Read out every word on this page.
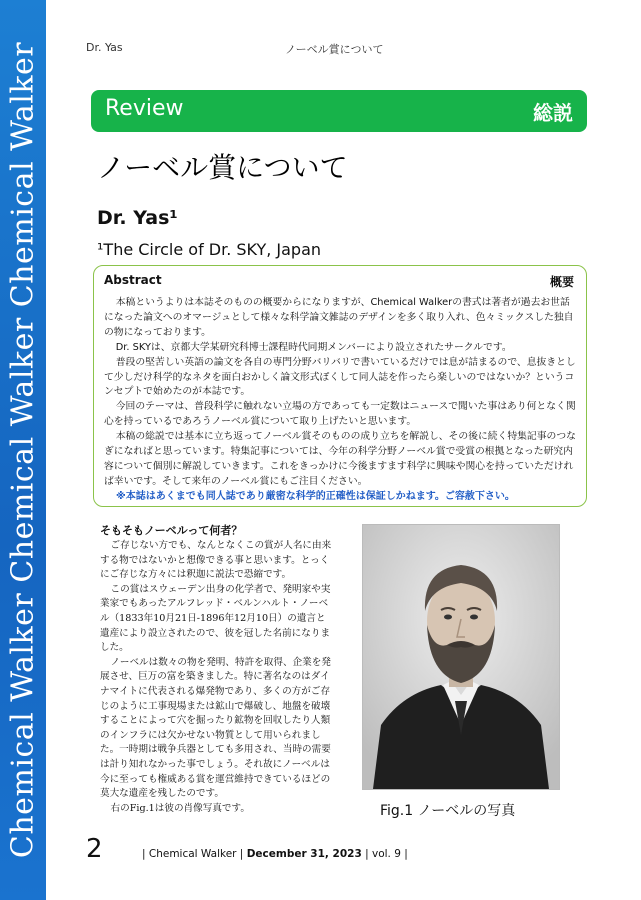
Chemical Walker Chemical Walker Chemical Walker	Dr. Yas	ノーベル賞について
Review	総説
ノーベル賞について
Dr. Yas¹
¹The Circle of Dr. SKY, Japan
Abstract	概要

本稿というよりは本誌そのものの概要からになりますが、Chemical Walkerの書式は著者が過去お世話になった論文へのオマージュとして様々な科学論文雑誌のデザインを多く取り入れ、色々ミックスした独自の物になっております。

Dr. SKYは、京都大学某研究科博士課程時代同期メンバーにより設立されたサークルです。

普段の堅苦しい英語の論文を各自の専門分野バリバリで書いているだけでは息が詰まるので、息抜きとして少しだけ科学的なネタを面白おかしく論文形式ぽくして同人誌を作ったら楽しいのではないか？というコンセプトで始めたのが本誌です。

今回のテーマは、普段科学に触れない立場の方であっても一定数はニュースで聞いた事はあり何となく関心を持っているであろうノーベル賞について取り上げたいと思います。

本稿の総説では基本に立ち返ってノーベル賞そのものの成り立ちを解説し、その後に続く特集記事のつなぎになればと思っています。特集記事については、今年の科学分野ノーベル賞で受賞の根拠となった研究内容について個別に解説していきます。これをきっかけに今後ますます科学に興味や関心を持っていただければ幸いです。そして来年のノーベル賞にもご注目ください。

※本誌はあくまでも同人誌であり厳密な科学的正確性は保証しかねます。ご容赦下さい。
そもそもノーベルって何者？

ご存じない方でも、なんとなくこの賞が人名に由来する物ではないかと想像できる事と思います。とっくにご存じな方々には釈迦に説法で恐縮です。

この賞はスウェーデン出身の化学者で、発明家や実業家でもあったアルフレッド・ベルンハルト・ノーベル（1833年10月21日-1896年12月10日）の遺言と遺産により設立されたので、彼を冠した名前になりました。

ノーベルは数々の物を発明、特許を取得、企業を発展させ、巨万の富を築きました。特に著名なのはダイナマイトに代表される爆発物であり、多くの方がご存じのように工事現場または鉱山で爆破し、地盤を破壊することによって穴を掘ったり鉱物を回収したり人類のインフラには欠かせない物質として用いられました。一時期は戦争兵器としても多用され、当時の需要は計り知れなかった事でしょう。それ故にノーベルは今に至っても権威ある賞を運営維持できているほどの莫大な遺産を残したのです。

右のFig.1は彼の肖像写真です。	Fig.1 ノーベルの写真
2	| Chemical Walker | December 31, 2023 | vol. 9 |
